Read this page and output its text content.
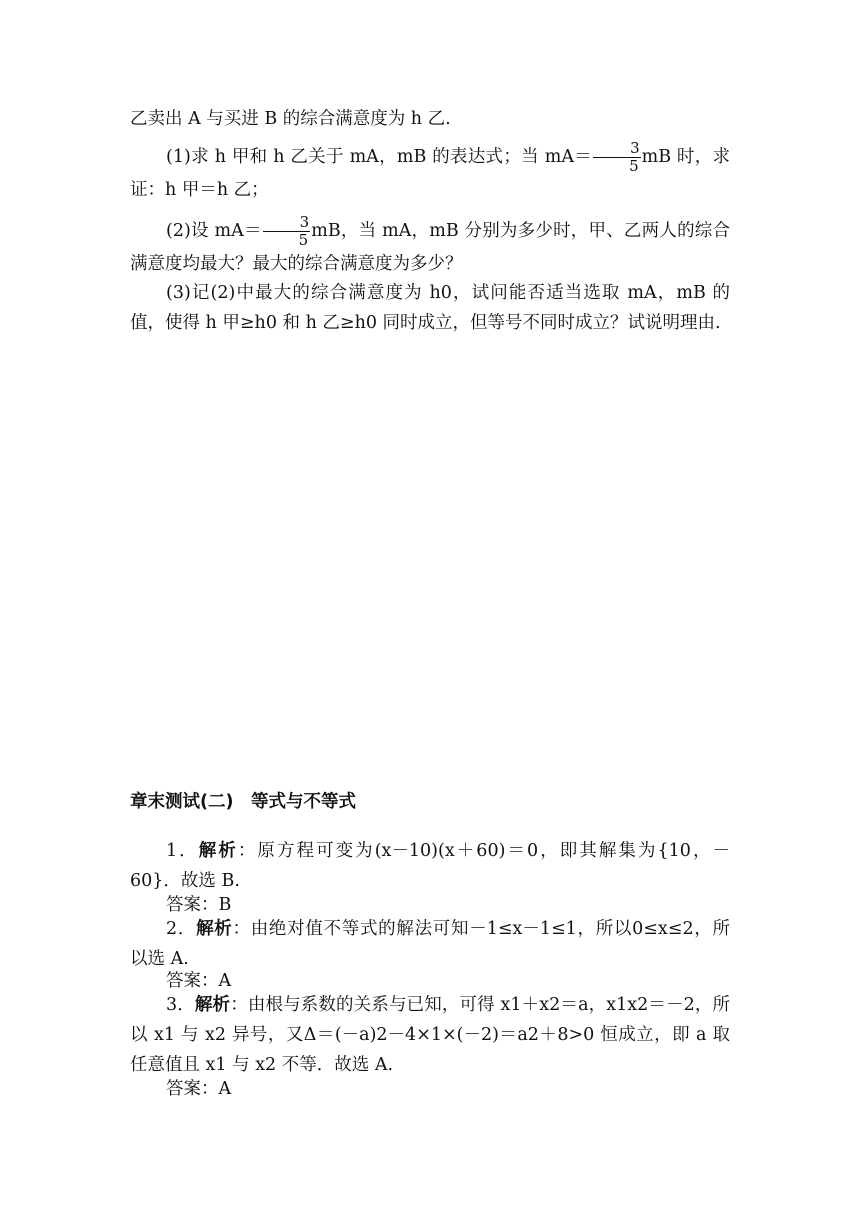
乙卖出 A 与买进 B 的综合满意度为 h 乙.
(1)求 h 甲和 h 乙关于 mA，mB 的表达式；当 $mA= \frac{3}{5}$ mB 时，求证：h 甲＝h 乙；
(2)设 $mA= \frac{3}{5}$ mB，当 mA，mB 分别为多少时，甲、乙两人的综合满意度均最大？最大的综合满意度为多少？
(3)记(2)中最大的综合满意度为 h0，试问能否适当选取 mA，mB 的值，使得 h 甲≥h0 和 h 乙≥h0 同时成立，但等号不同时成立？试说明理由.
章末测试(二)　等式与不等式
1．解析：原方程可变为(x－10)(x＋60)＝0，即其解集为{10，－60}．故选 B.
答案：B
2．解析：由绝对值不等式的解法可知－1≤x－1≤1，所以0≤x≤2，所以选 A.
答案：A
3．解析：由根与系数的关系与已知，可得 x1＋x2＝a，x1x2＝－2，所以 x1 与 x2 异号，又Δ＝(－a)2－4×1×(－2)＝a2＋8>0 恒成立，即 a 取任意值且 x1 与 x2 不等．故选 A.
答案：A
